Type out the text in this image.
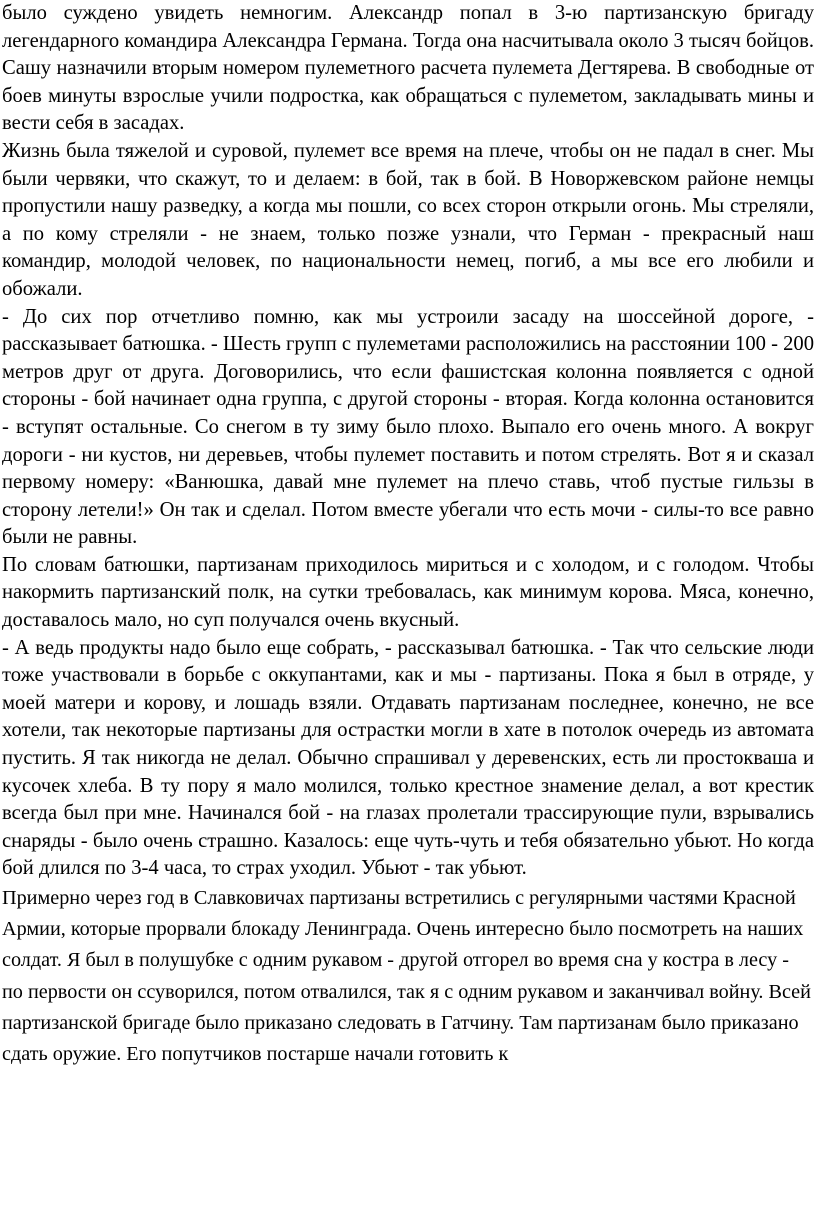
было суждено увидеть немногим. Александр попал в 3-ю партизанскую бригаду легендарного командира Александра Германа. Тогда она насчитывала около 3 тысяч бойцов. Сашу назначили вторым номером пулеметного расчета пулемета Дегтярева. В свободные от боев минуты взрослые учили подростка, как обращаться с пулеметом, закладывать мины и вести себя в засадах.

Жизнь была тяжелой и суровой, пулемет все время на плече, чтобы он не падал в снег. Мы были червяки, что скажут, то и делаем: в бой, так в бой. В Новоржевском районе немцы пропустили нашу разведку, а когда мы пошли, со всех сторон открыли огонь. Мы стреляли, а по кому стреляли - не знаем, только позже узнали, что Герман - прекрасный наш командир, молодой человек, по национальности немец, погиб, а мы все его любили и обожали.

- До сих пор отчетливо помню, как мы устроили засаду на шоссейной дороге, - рассказывает батюшка. - Шесть групп с пулеметами расположились на расстоянии 100 - 200 метров друг от друга. Договорились, что если фашистская колонна появляется с одной стороны - бой начинает одна группа, с другой стороны - вторая. Когда колонна остановится - вступят остальные. Со снегом в ту зиму было плохо. Выпало его очень много. А вокруг дороги - ни кустов, ни деревьев, чтобы пулемет поставить и потом стрелять. Вот я и сказал первому номеру: «Ванюшка, давай мне пулемет на плечо ставь, чтоб пустые гильзы в сторону летели!» Он так и сделал. Потом вместе убегали что есть мочи - силы-то все равно были не равны.

По словам батюшки, партизанам приходилось мириться и с холодом, и с голодом. Чтобы накормить партизанский полк, на сутки требовалась, как минимум корова. Мяса, конечно, доставалось мало, но суп получался очень вкусный.

- А ведь продукты надо было еще собрать, - рассказывал батюшка. - Так что сельские люди тоже участвовали в борьбе с оккупантами, как и мы - партизаны. Пока я был в отряде, у моей матери и корову, и лошадь взяли. Отдавать партизанам последнее, конечно, не все хотели, так некоторые партизаны для острастки могли в хате в потолок очередь из автомата пустить. Я так никогда не делал. Обычно спрашивал у деревенских, есть ли простокваша и кусочек хлеба. В ту пору я мало молился, только крестное знамение делал, а вот крестик всегда был при мне. Начинался бой - на глазах пролетали трассирующие пули, взрывались снаряды - было очень страшно. Казалось: еще чуть-чуть и тебя обязательно убьют. Но когда бой длился по 3-4 часа, то страх уходил. Убьют - так убьют.

Примерно через год в Славковичах партизаны встретились с регулярными частями Красной Армии, которые прорвали блокаду Ленинграда. Очень интересно было посмотреть на наших солдат. Я был в полушубке с одним рукавом - другой отгорел во время сна у костра в лесу - по первости он ссуворился, потом отвалился, так я с одним рукавом и заканчивал войну. Всей партизанской бригаде было приказано следовать в Гатчину. Там партизанам было приказано сдать оружие. Его попутчиков постарше начали готовить к
